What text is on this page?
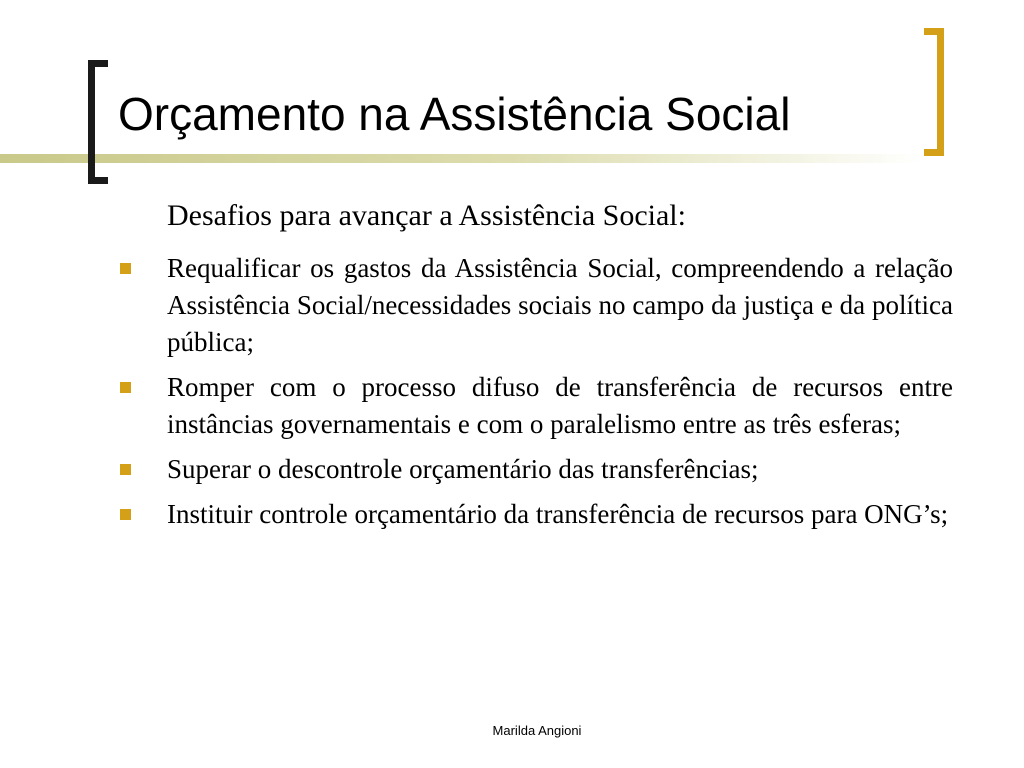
Orçamento na Assistência Social

Desafios para avançar a Assistência Social:

Requalificar os gastos da Assistência Social, compreendendo a relação Assistência Social/necessidades sociais no campo da justiça e da política pública;
Romper com o processo difuso de transferência de recursos entre instâncias governamentais e com o paralelismo entre as três esferas;
Superar o descontrole orçamentário das transferências;
Instituir controle orçamentário da transferência de recursos para ONG’s;
Marilda Angioni
